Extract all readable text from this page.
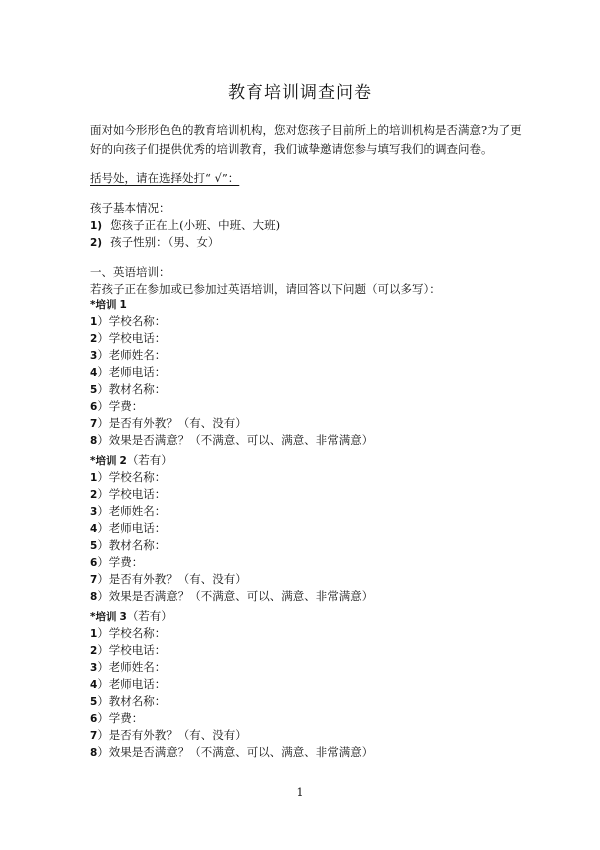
教育培训调查问卷

面对如今形形色色的教育培训机构，您对您孩子目前所上的培训机构是否满意?为了更好的向孩子们提供优秀的培训教育，我们诚挚邀请您参与填写我们的调查问卷。

括号处，请在选择处打“ √”：
孩子基本情况：
1) 您孩子正在上(小班、中班、大班)
2) 孩子性别：（男、女）
一、英语培训：
若孩子正在参加或已参加过英语培训，请回答以下问题（可以多写）：
*培训 1
1）学校名称：
2）学校电话：
3）老师姓名：
4）老师电话：
5）教材名称：
6）学费：
7）是否有外教？（有、没有）
8）效果是否满意？（不满意、可以、满意、非常满意）
*培训 2（若有）
1）学校名称：
2）学校电话：
3）老师姓名：
4）老师电话：
5）教材名称：
6）学费：
7）是否有外教？（有、没有）
8）效果是否满意？（不满意、可以、满意、非常满意）
*培训 3（若有）
1）学校名称：
2）学校电话：
3）老师姓名：
4）老师电话：
5）教材名称：
6）学费：
7）是否有外教？（有、没有）
8）效果是否满意？（不满意、可以、满意、非常满意）
1
